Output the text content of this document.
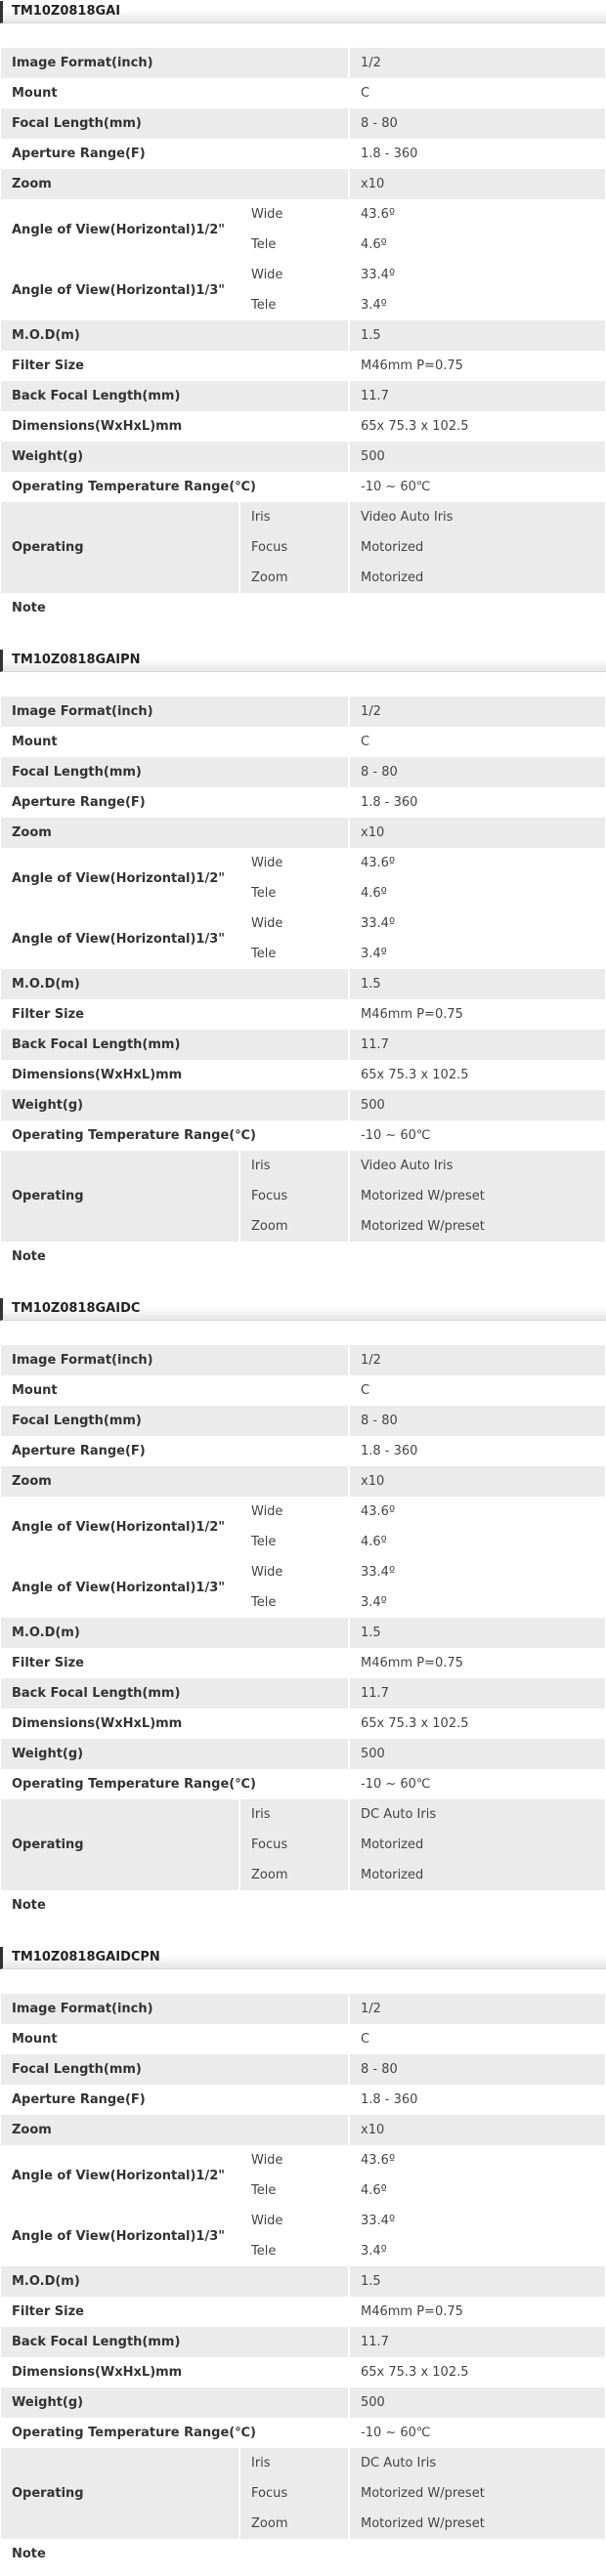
TM10Z0818GAI
Image Format(inch)		1/2
Mount		C
Focal Length(mm)		8 - 80
Aperture Range(F)		1.8 - 360
Zoom		x10
Angle of View(Horizontal)1/2"	Wide	43.6º
	Tele	4.6º
Angle of View(Horizontal)1/3"	Wide	33.4º
	Tele	3.4º
M.O.D(m)		1.5
Filter Size		M46mm P=0.75
Back Focal Length(mm)		11.7
Dimensions(WxHxL)mm		65x 75.3 x 102.5
Weight(g)		500
Operating Temperature Range(℃)		-10 ~ 60℃
Operating	Iris	Video Auto Iris
	Focus	Motorized
	Zoom	Motorized
Note		
TM10Z0818GAIPN
Image Format(inch)		1/2
Mount		C
Focal Length(mm)		8 - 80
Aperture Range(F)		1.8 - 360
Zoom		x10
Angle of View(Horizontal)1/2"	Wide	43.6º
	Tele	4.6º
Angle of View(Horizontal)1/3"	Wide	33.4º
	Tele	3.4º
M.O.D(m)		1.5
Filter Size		M46mm P=0.75
Back Focal Length(mm)		11.7
Dimensions(WxHxL)mm		65x 75.3 x 102.5
Weight(g)		500
Operating Temperature Range(℃)		-10 ~ 60℃
Operating	Iris	Video Auto Iris
	Focus	Motorized W/preset
	Zoom	Motorized W/preset
Note		
TM10Z0818GAIDC
Image Format(inch)		1/2
Mount		C
Focal Length(mm)		8 - 80
Aperture Range(F)		1.8 - 360
Zoom		x10
Angle of View(Horizontal)1/2"	Wide	43.6º
	Tele	4.6º
Angle of View(Horizontal)1/3"	Wide	33.4º
	Tele	3.4º
M.O.D(m)		1.5
Filter Size		M46mm P=0.75
Back Focal Length(mm)		11.7
Dimensions(WxHxL)mm		65x 75.3 x 102.5
Weight(g)		500
Operating Temperature Range(℃)		-10 ~ 60℃
Operating	Iris	DC Auto Iris
	Focus	Motorized
	Zoom	Motorized
Note		
TM10Z0818GAIDCPN
Image Format(inch)		1/2
Mount		C
Focal Length(mm)		8 - 80
Aperture Range(F)		1.8 - 360
Zoom		x10
Angle of View(Horizontal)1/2"	Wide	43.6º
	Tele	4.6º
Angle of View(Horizontal)1/3"	Wide	33.4º
	Tele	3.4º
M.O.D(m)		1.5
Filter Size		M46mm P=0.75
Back Focal Length(mm)		11.7
Dimensions(WxHxL)mm		65x 75.3 x 102.5
Weight(g)		500
Operating Temperature Range(℃)		-10 ~ 60℃
Operating	Iris	DC Auto Iris
	Focus	Motorized W/preset
	Zoom	Motorized W/preset
Note		
